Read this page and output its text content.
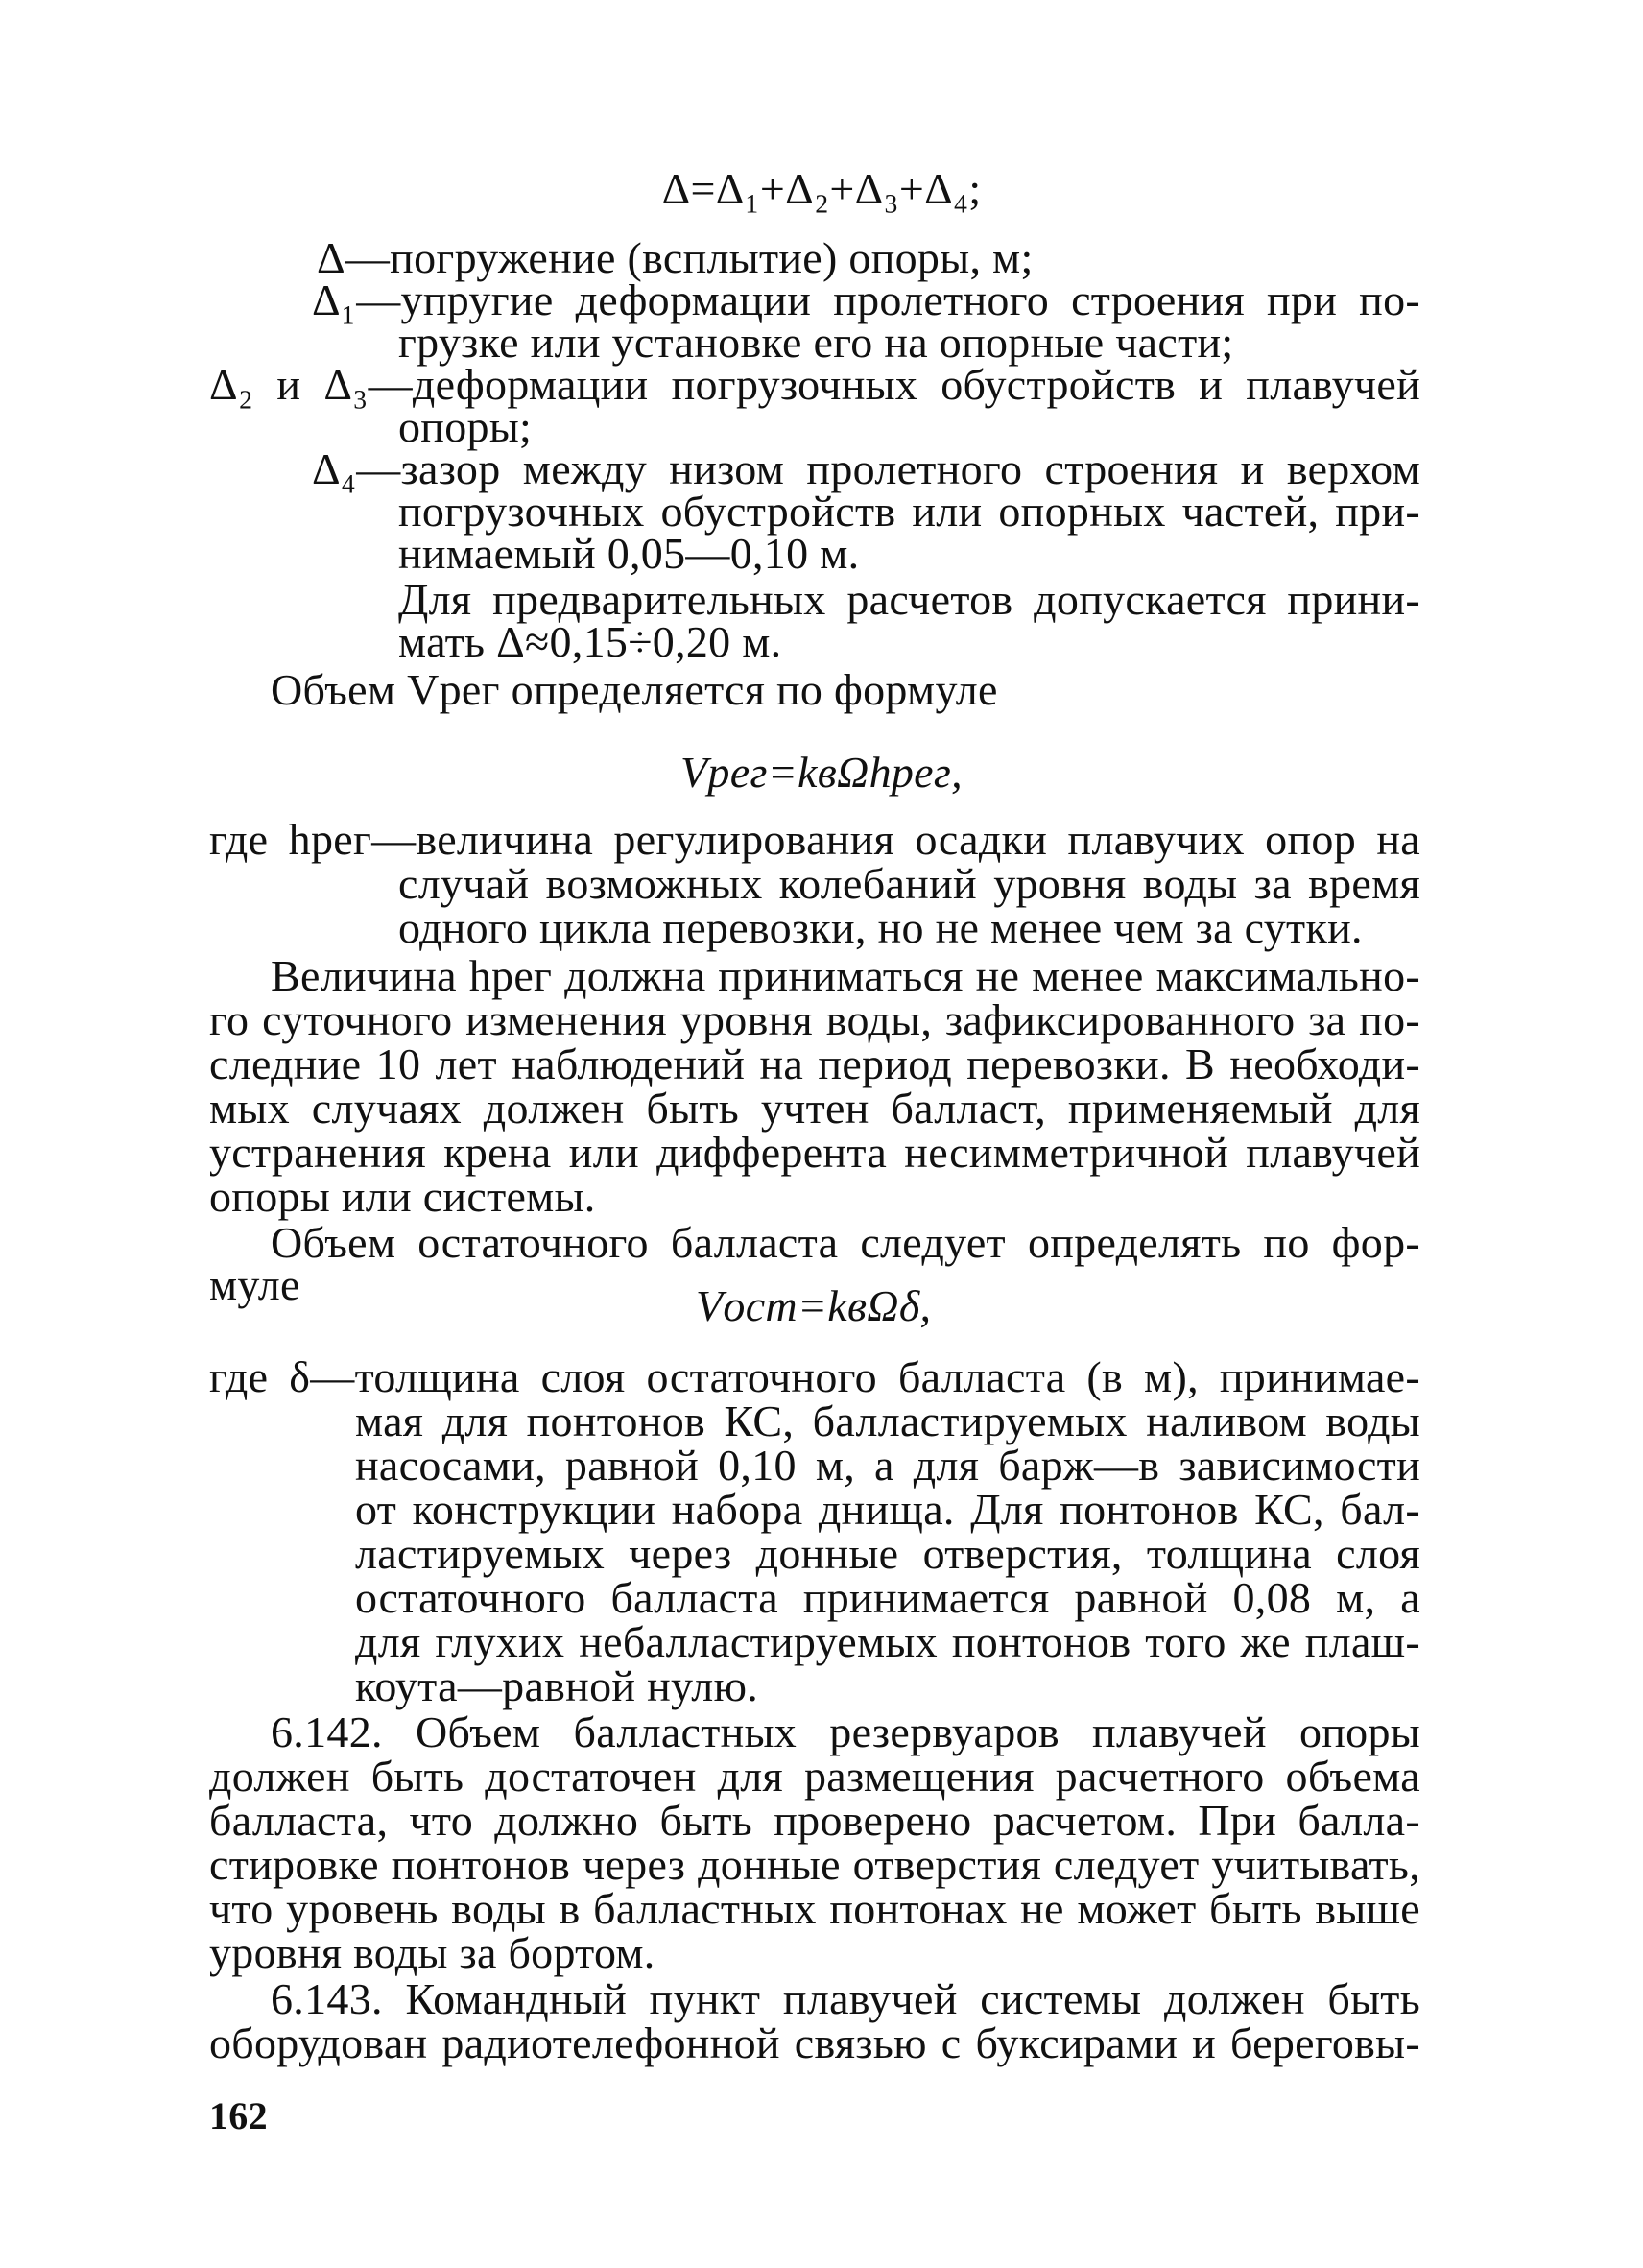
Δ=Δ₁+Δ₂+Δ₃+Δ₄;
Δ—погружение (всплытие) опоры, м;
Δ₁—упругие деформации пролетного строения при по-
грузке или установке его на опорные части;
Δ₂ и Δ₃—деформации погрузочных обустройств и плавучей
опоры;
Δ₄—зазор между низом пролетного строения и верхом
погрузочных обустройств или опорных частей, при-
нимаемый 0,05—0,10 м.
Для предварительных расчетов допускается прини-
мать Δ≈0,15÷0,20 м.
Объем Vрег определяется по формуле
Vрег=kвΩhрег,
где hрег—величина регулирования осадки плавучих опор на
случай возможных колебаний уровня воды за время
одного цикла перевозки, но не менее чем за сутки.
Величина hрег должна приниматься не менее максимально-
го суточного изменения уровня воды, зафиксированного за по-
следние 10 лет наблюдений на период перевозки. В необходи-
мых случаях должен быть учтен балласт, применяемый для
устранения крена или дифферента несимметричной плавучей
опоры или системы.
Объем остаточного балласта следует определять по фор-
муле	Vост=kвΩδ,
где δ—толщина слоя остаточного балласта (в м), принимае-
мая для понтонов КС, балластируемых наливом воды
насосами, равной 0,10 м, а для барж—в зависимости
от конструкции набора днища. Для понтонов КС, бал-
ластируемых через донные отверстия, толщина слоя
остаточного балласта принимается равной 0,08 м, а
для глухих небалластируемых понтонов того же плаш-
коута—равной нулю.
6.142. Объем балластных резервуаров плавучей опоры
должен быть достаточен для размещения расчетного объема
балласта, что должно быть проверено расчетом. При балла-
стировке понтонов через донные отверстия следует учитывать,
что уровень воды в балластных понтонах не может быть выше
уровня воды за бортом.
6.143. Командный пункт плавучей системы должен быть
оборудован радиотелефонной связью с буксирами и береговы-
162
